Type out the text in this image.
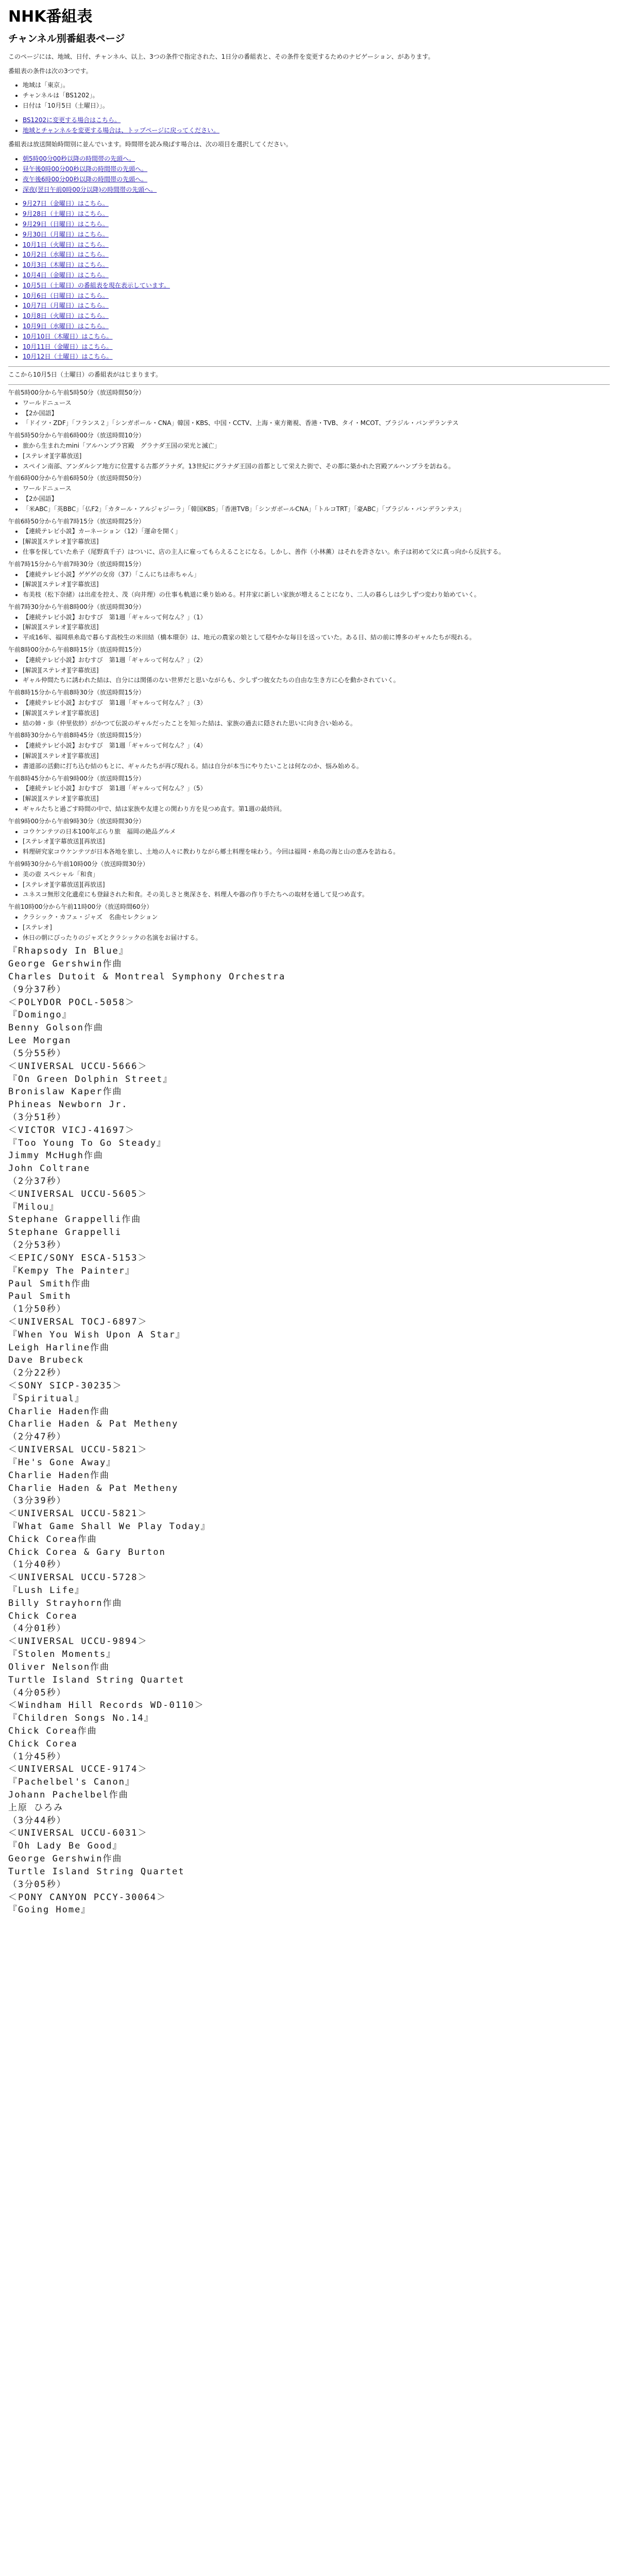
NHK番組表
チャンネル別番組表ページ

このページには、地域、日付、チャンネル、以上、3つの条件で指定された、1日分の番組表と、その条件を変更するためのナビゲーション、があります。

番組表の条件は次の3つです。

• 地域は「東京」。
• チャンネルは「BS1202」。
• 日付は「10月5日（土曜日）」。
• BS1202に変更する場合はこちら。
• 地域とチャンネルを変更する場合は、トップページに戻ってください。

番組表は放送開始時間別に並んでいます。時間帯を読み飛ばす場合は、次の項目を選択してください。

• 朝5時00分00秒以降の時間帯の先頭へ。
• 昼午後0時00分00秒以降の時間帯の先頭へ。
• 夜午後6時00分00秒以降の時間帯の先頭へ。
• 深夜(翌日午前0時00分以降)の時間帯の先頭へ。
• 9月27日（金曜日）はこちら。
• 9月28日（土曜日）はこちら。
• 9月29日（日曜日）はこちら。
• 9月30日（月曜日）はこちら。
• 10月1日（火曜日）はこちら。
• 10月2日（水曜日）はこちら。
• 10月3日（木曜日）はこちら。
• 10月4日（金曜日）はこちら。
• 10月5日（土曜日）の番組表を現在表示しています。
• 10月6日（日曜日）はこちら。
• 10月7日（月曜日）はこちら。
• 10月8日（火曜日）はこちら。
• 10月9日（水曜日）はこちら。
• 10月10日（木曜日）はこちら。
• 10月11日（金曜日）はこちら。
• 10月12日（土曜日）はこちら。

ここから10月5日（土曜日）の番組表がはじまります。

午前5時00分から午前5時50分（放送時間50分）

• ワールドニュース
• 【2か国語】
• 「ドイツ・ZDF」「フランス２」「シンガポール・CNA」韓国・KBS、中国・CCTV、上海・東方衛視、香港・TVB、タイ・MCOT、ブラジル・バンデランテス

午前5時50分から午前6時00分（放送時間10分）

• 旅から生まれたmini「アルハンブラ宮殿　グラナダ王国の栄光と滅亡」
• [ステレオ][字幕放送]
• スペイン南部、アンダルシア地方に位置する古都グラナダ。13世紀にグラナダ王国の首都として栄えた街で、その都に築かれた宮殿アルハンブラを訪ねる。

午前6時00分から午前6時50分（放送時間50分）

• ワールドニュース
• 【2か国語】
• 「米ABC」「英BBC」「仏F2」「カタール・アルジャジーラ」「韓国KBS」「香港TVB」「シンガポールCNA」「トルコTRT」「豪ABC」「ブラジル・バンデランテス」

午前6時50分から午前7時15分（放送時間25分）

• 【連続テレビ小説】カーネーション（12）「運命を開く」
• [解説][ステレオ][字幕放送]
• 仕事を探していた糸子（尾野真千子）はついに、店の主人に雇ってもらえることになる。しかし、善作（小林薫）はそれを許さない。糸子は初めて父に真っ向から反抗する。

午前7時15分から午前7時30分（放送時間15分）

• 【連続テレビ小説】ゲゲゲの女房（37）「こんにちは赤ちゃん」
• [解説][ステレオ][字幕放送]
• 布美枝（松下奈緒）は出産を控え、茂（向井理）の仕事も軌道に乗り始める。村井家に新しい家族が増えることになり、二人の暮らしは少しずつ変わり始めていく。

午前7時30分から午前8時00分（放送時間30分）

• 【連続テレビ小説】おむすび　第1週「ギャルって何なん？」（1）
• [解説][ステレオ][字幕放送]
• 平成16年、福岡県糸島で暮らす高校生の米田結（橋本環奈）は、地元の農家の娘として穏やかな毎日を送っていた。ある日、結の前に博多のギャルたちが現れる。

午前8時00分から午前8時15分（放送時間15分）

• 【連続テレビ小説】おむすび　第1週「ギャルって何なん？」（2）
• [解説][ステレオ][字幕放送]
• ギャル仲間たちに誘われた結は、自分には関係のない世界だと思いながらも、少しずつ彼女たちの自由な生き方に心を動かされていく。

午前8時15分から午前8時30分（放送時間15分）

• 【連続テレビ小説】おむすび　第1週「ギャルって何なん？」（3）
• [解説][ステレオ][字幕放送]
• 結の姉・歩（仲里依紗）がかつて伝説のギャルだったことを知った結は、家族の過去に隠された思いに向き合い始める。

午前8時30分から午前8時45分（放送時間15分）

• 【連続テレビ小説】おむすび　第1週「ギャルって何なん？」（4）
• [解説][ステレオ][字幕放送]
• 書道部の活動に打ち込む結のもとに、ギャルたちが再び現れる。結は自分が本当にやりたいことは何なのか、悩み始める。

午前8時45分から午前9時00分（放送時間15分）

• 【連続テレビ小説】おむすび　第1週「ギャルって何なん？」（5）
• [解説][ステレオ][字幕放送]
• ギャルたちと過ごす時間の中で、結は家族や友達との関わり方を見つめ直す。第1週の最終回。

午前9時00分から午前9時30分（放送時間30分）

• コウケンテツの日本100年ぶらり旅　福岡の絶品グルメ
• [ステレオ][字幕放送][再放送]
• 料理研究家コウケンテツが日本各地を旅し、土地の人々に教わりながら郷土料理を味わう。今回は福岡・糸島の海と山の恵みを訪ねる。

午前9時30分から午前10時00分（放送時間30分）

• 美の壺 スペシャル「和食」
• [ステレオ][字幕放送][再放送]
• ユネスコ無形文化遺産にも登録された和食。その美しさと奥深さを、料理人や器の作り手たちへの取材を通して見つめ直す。

午前10時00分から午前11時00分（放送時間60分）

• クラシック・カフェ・ジャズ　名曲セレクション
• [ステレオ]
• 休日の朝にぴったりのジャズとクラシックの名演をお届けする。
『Rhapsody In Blue』
George Gershwin作曲
Charles Dutoit & Montreal Symphony Orchestra
（9分37秒）
＜POLYDOR POCL-5058＞
『Domingo』
Benny Golson作曲
Lee Morgan
（5分55秒）
＜UNIVERSAL UCCU-5666＞
『On Green Dolphin Street』
Bronislaw Kaper作曲
Phineas Newborn Jr.
（3分51秒）
＜VICTOR VICJ-41697＞
『Too Young To Go Steady』
Jimmy McHugh作曲
John Coltrane
（2分37秒）
＜UNIVERSAL UCCU-5605＞
『Milou』
Stephane Grappelli作曲
Stephane Grappelli
（2分53秒）
＜EPIC/SONY ESCA-5153＞
『Kempy The Painter』
Paul Smith作曲
Paul Smith
（1分50秒）
＜UNIVERSAL TOCJ-6897＞
『When You Wish Upon A Star』
Leigh Harline作曲
Dave Brubeck
（2分22秒）
＜SONY SICP-30235＞
『Spiritual』
Charlie Haden作曲
Charlie Haden & Pat Metheny
（2分47秒）
＜UNIVERSAL UCCU-5821＞
『He's Gone Away』
Charlie Haden作曲
Charlie Haden & Pat Metheny
（3分39秒）
＜UNIVERSAL UCCU-5821＞
『What Game Shall We Play Today』
Chick Corea作曲
Chick Corea & Gary Burton
（1分40秒）
＜UNIVERSAL UCCU-5728＞
『Lush Life』
Billy Strayhorn作曲
Chick Corea
（4分01秒）
＜UNIVERSAL UCCU-9894＞
『Stolen Moments』
Oliver Nelson作曲
Turtle Island String Quartet
（4分05秒）
＜Windham Hill Records WD-0110＞
『Children Songs No.14』
Chick Corea作曲
Chick Corea
（1分45秒）
＜UNIVERSAL UCCE-9174＞
『Pachelbel's Canon』
Johann Pachelbel作曲
上原 ひろみ
（3分44秒）
＜UNIVERSAL UCCU-6031＞
『Oh Lady Be Good』
George Gershwin作曲
Turtle Island String Quartet
（3分05秒）
＜PONY CANYON PCCY-30064＞
『Going Home』
